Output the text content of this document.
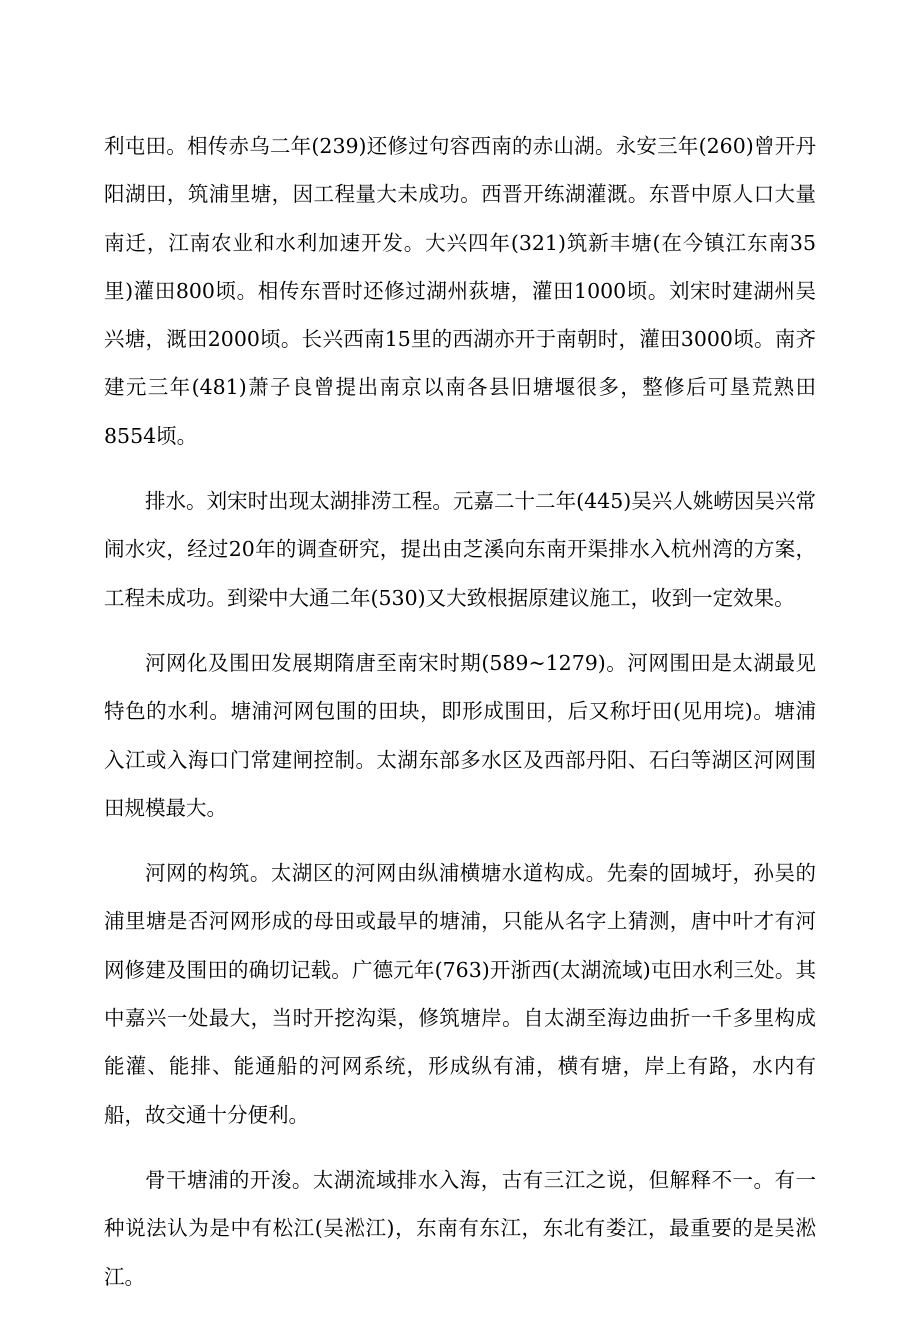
利屯田。相传赤乌二年(239)还修过句容西南的赤山湖。永安三年(260)曾开丹阳湖田，筑浦里塘，因工程量大未成功。西晋开练湖灌溉。东晋中原人口大量南迁，江南农业和水利加速开发。大兴四年(321)筑新丰塘(在今镇江东南35里)灌田800顷。相传东晋时还修过湖州荻塘，灌田1000顷。刘宋时建湖州吴兴塘，溉田2000顷。长兴西南15里的西湖亦开于南朝时，灌田3000顷。南齐建元三年(481)萧子良曾提出南京以南各县旧塘堰很多，整修后可垦荒熟田8554顷。

排水。刘宋时出现太湖排涝工程。元嘉二十二年(445)吴兴人姚崂因吴兴常闹水灾，经过20年的调查研究，提出由芝溪向东南开渠排水入杭州湾的方案，工程未成功。到梁中大通二年(530)又大致根据原建议施工，收到一定效果。

河网化及围田发展期隋唐至南宋时期(589~1279)。河网围田是太湖最见特色的水利。塘浦河网包围的田块，即形成围田，后又称圩田(见用垸)。塘浦入江或入海口门常建闸控制。太湖东部多水区及西部丹阳、石臼等湖区河网围田规模最大。

河网的构筑。太湖区的河网由纵浦横塘水道构成。先秦的固城圩，孙吴的浦里塘是否河网形成的母田或最早的塘浦，只能从名字上猜测，唐中叶才有河网修建及围田的确切记载。广德元年(763)开浙西(太湖流域)屯田水利三处。其中嘉兴一处最大，当时开挖沟渠，修筑塘岸。自太湖至海边曲折一千多里构成能灌、能排、能通船的河网系统，形成纵有浦，横有塘，岸上有路，水内有船，故交通十分便利。

骨干塘浦的开浚。太湖流域排水入海，古有三江之说，但解释不一。有一种说法认为是中有松江(吴淞江)，东南有东江，东北有娄江，最重要的是吴淞江。
